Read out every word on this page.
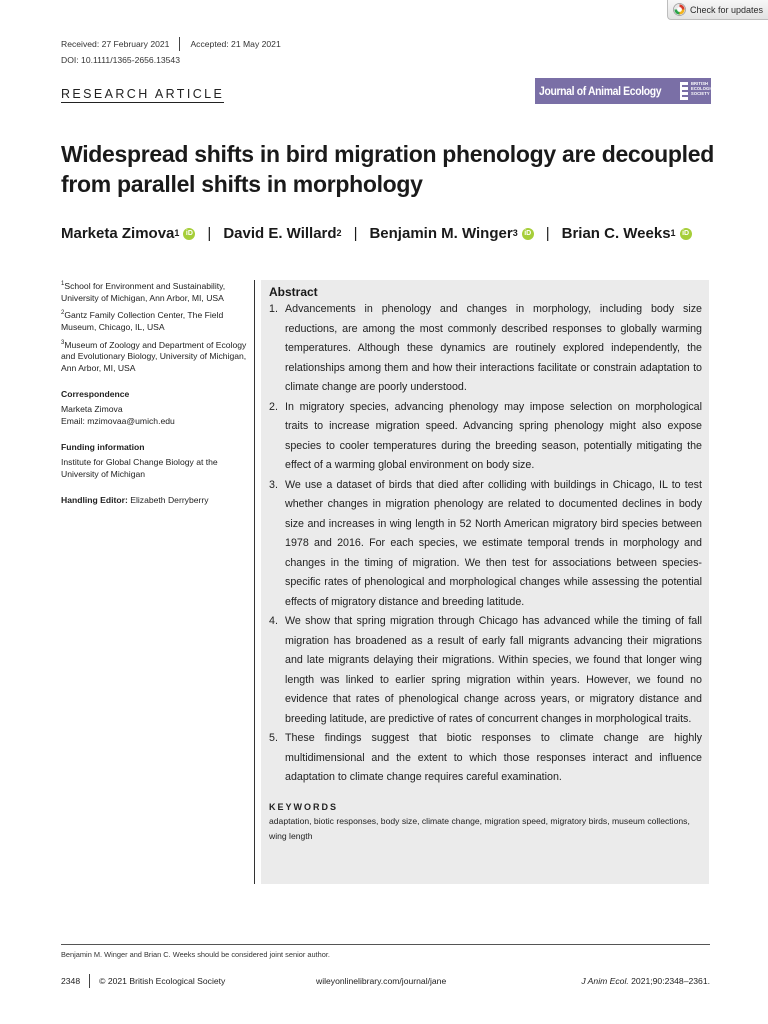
Check for updates
Received: 27 February 2021 Accepted: 21 May 2021
DOI: 10.1111/1365-2656.13543
RESEARCH ARTICLE	Journal of Animal Ecology
BRITISH
ECOLOGICAL
SOCIETY
Widespread shifts in bird migration phenology are decoupled from parallel shifts in morphology
Marketa Zimova$^1$ iD | David E. Willard$^2$ | Benjamin M. Winger$^3$ iD | Brian C. Weeks$^1$ iD

$^1$School for Environment and Sustainability, University of Michigan, Ann Arbor, MI, USA

$^2$Gantz Family Collection Center, The Field Museum, Chicago, IL, USA

$^3$Museum of Zoology and Department of Ecology and Evolutionary Biology, University of Michigan, Ann Arbor, MI, USA

Correspondence

Marketa Zimova

Email: mzimovaa@umich.edu

Funding information

Institute for Global Change Biology at the University of Michigan

Handling Editor: Elizabeth Derryberry

Abstract
1. Advancements in phenology and changes in morphology, including body size reductions, are among the most commonly described responses to globally warming temperatures. Although these dynamics are routinely explored independently, the relationships among them and how their interactions facilitate or constrain adaptation to climate change are poorly understood.
2. In migratory species, advancing phenology may impose selection on morphological traits to increase migration speed. Advancing spring phenology might also expose species to cooler temperatures during the breeding season, potentially mitigating the effect of a warming global environment on body size.
3. We use a dataset of birds that died after colliding with buildings in Chicago, IL to test whether changes in migration phenology are related to documented declines in body size and increases in wing length in 52 North American migratory bird species between 1978 and 2016. For each species, we estimate temporal trends in morphology and changes in the timing of migration. We then test for associations between species-specific rates of phenological and morphological changes while assessing the potential effects of migratory distance and breeding latitude.
4. We show that spring migration through Chicago has advanced while the timing of fall migration has broadened as a result of early fall migrants advancing their migrations and late migrants delaying their migrations. Within species, we found that longer wing length was linked to earlier spring migration within years. However, we found no evidence that rates of phenological change across years, or migratory distance and breeding latitude, are predictive of rates of concurrent changes in morphological traits.
5. These findings suggest that biotic responses to climate change are highly multidimensional and the extent to which those responses interact and influence adaptation to climate change requires careful examination.
KEYWORDS
adaptation, biotic responses, body size, climate change, migration speed, migratory birds, museum collections, wing length
Benjamin M. Winger and Brian C. Weeks should be considered joint senior author.
2348 © 2021 British Ecological Society	wileyonlinelibrary.com/journal/jane	J Anim Ecol. 2021;90:2348–2361.
